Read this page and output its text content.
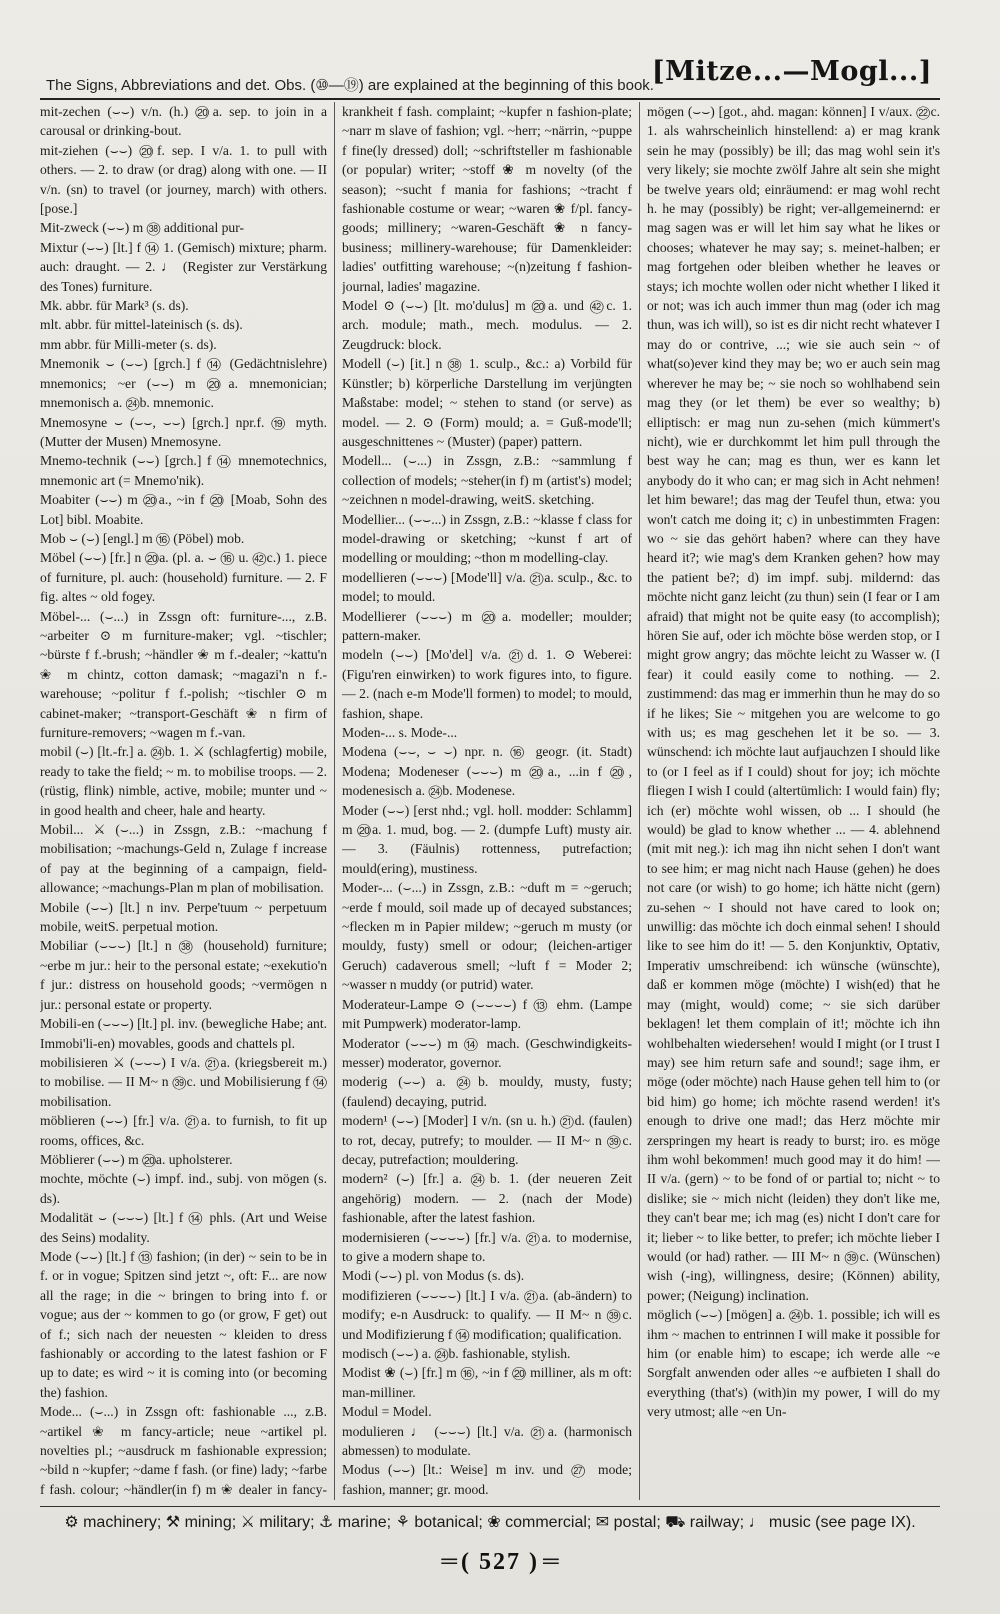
The Signs, Abbreviations and det. Obs. (⑩—⑲) are explained at the beginning of this book.
[Mitze...—Mogl...]

mit-zechen (⌣⌣) v/n. (h.) ⑳a. sep. to join in a carousal or drinking-bout.

mit-ziehen (⌣⌣) ⑳f. sep. I v/a. 1. to pull with others. — 2. to draw (or drag) along with one. — II v/n. (sn) to travel (or journey, march) with others. [pose.]

Mit-zweck (⌣⌣) m ㊳ additional pur-

Mixtur (⌣⌣) [lt.] f ⑭ 1. (Gemisch) mixture; pharm. auch: draught. — 2. ♩ (Register zur Verstärkung des Tones) furniture.

Mk. abbr. für Mark³ (s. ds).

mlt. abbr. für mittel-lateinisch (s. ds).

mm abbr. für Milli-meter (s. ds).

Mnemonik ⌣ (⌣⌣) [grch.] f ⑭ (Gedächtnislehre) mnemonics; ~er (⌣⌣) m ⑳a. mnemonician; mnemonisch a. ㉔b. mnemonic.

Mnemosyne ⌣ (⌣⌣, ⌣⌣) [grch.] npr.f. ⑲ myth. (Mutter der Musen) Mnemosyne.

Mnemo-technik (⌣⌣) [grch.] f ⑭ mnemotechnics, mnemonic art (= Mnemo'nik).

Moabiter (⌣⌣) m ⑳a., ~in f ⑳ [Moab, Sohn des Lot] bibl. Moabite.

Mob ⌣ (⌣) [engl.] m ⑯ (Pöbel) mob.

Möbel (⌣⌣) [fr.] n ⑳a. (pl. a. ⌣ ⑯ u. ㊷c.) 1. piece of furniture, pl. auch: (household) furniture. — 2. F fig. altes ~ old fogey.

Möbel-... (⌣...) in Zssgn oft: furniture-..., z.B. ~arbeiter ⊙ m furniture-maker; vgl. ~tischler; ~bürste f f.-brush; ~händler ❀ m f.-dealer; ~kattu'n ❀ m chintz, cotton damask; ~magazi'n n f.-warehouse; ~politur f f.-polish; ~tischler ⊙ m cabinet-maker; ~transport-Geschäft ❀ n firm of furniture-removers; ~wagen m f.-van.

mobil (⌣) [lt.-fr.] a. ㉔b. 1. ⚔ (schlagfertig) mobile, ready to take the field; ~ m. to mobilise troops. — 2. (rüstig, flink) nimble, active, mobile; munter und ~ in good health and cheer, hale and hearty.

Mobil... ⚔ (⌣...) in Zssgn, z.B.: ~machung f mobilisation; ~machungs-Geld n, Zulage f increase of pay at the beginning of a campaign, field-allowance; ~machungs-Plan m plan of mobilisation.

Mobile (⌣⌣) [lt.] n inv. Perpe'tuum ~ perpetuum mobile, weitS. perpetual motion.

Mobiliar (⌣⌣⌣) [lt.] n ㊳ (household) furniture; ~erbe m jur.: heir to the personal estate; ~exekutio'n f jur.: distress on household goods; ~vermögen n jur.: personal estate or property.

Mobili-en (⌣⌣⌣) [lt.] pl. inv. (bewegliche Habe; ant. Immobi'li-en) movables, goods and chattels pl.

mobilisieren ⚔ (⌣⌣⌣) I v/a. ㉑a. (kriegsbereit m.) to mobilise. — II M~ n ㊴c. und Mobilisierung f ⑭ mobilisation.

möblieren (⌣⌣) [fr.] v/a. ㉑a. to furnish, to fit up rooms, offices, &c.

Möblierer (⌣⌣) m ⑳a. upholsterer.

mochte, möchte (⌣) impf. ind., subj. von mögen (s. ds).

Modalität ⌣ (⌣⌣⌣) [lt.] f ⑭ phls. (Art und Weise des Seins) modality.

Mode (⌣⌣) [lt.] f ⑬ fashion; (in der) ~ sein to be in f. or in vogue; Spitzen sind jetzt ~, oft: F... are now all the rage; in die ~ bringen to bring into f. or vogue; aus der ~ kommen to go (or grow, F get) out of f.; sich nach der neuesten ~ kleiden to dress fashionably or according to the latest fashion or F up to date; es wird ~ it is coming into (or becoming the) fashion.

Mode... (⌣...) in Zssgn oft: fashionable ..., z.B. ~artikel ❀ m fancy-article; neue ~artikel pl. novelties pl.; ~ausdruck m fashionable expression; ~bild n ~kupfer; ~dame f fash. (or fine) lady; ~farbe f fash. colour; ~händler(in f) m ❀ dealer in fancy-

krankheit f fash. complaint; ~kupfer n fashion-plate; ~narr m slave of fashion; vgl. ~herr; ~närrin, ~puppe f fine(ly dressed) doll; ~schriftsteller m fashionable (or popular) writer; ~stoff ❀ m novelty (of the season); ~sucht f mania for fashions; ~tracht f fashionable costume or wear; ~waren ❀ f/pl. fancy-goods; millinery; ~waren-Geschäft ❀ n fancy-business; millinery-warehouse; für Damenkleider: ladies' outfitting warehouse; ~(n)zeitung f fashion-journal, ladies' magazine.

Model ⊙ (⌣⌣) [lt. mo'dulus] m ⑳a. und ㊷c. 1. arch. module; math., mech. modulus. — 2. Zeugdruck: block.

Modell (⌣) [it.] n ㊳ 1. sculp., &c.: a) Vorbild für Künstler; b) körperliche Darstellung im verjüngten Maßstabe: model; ~ stehen to stand (or serve) as model. — 2. ⊙ (Form) mould; a. = Guß-mode'll; ausgeschnittenes ~ (Muster) (paper) pattern.

Modell... (⌣...) in Zssgn, z.B.: ~sammlung f collection of models; ~steher(in f) m (artist's) model; ~zeichnen n model-drawing, weitS. sketching.

Modellier... (⌣⌣...) in Zssgn, z.B.: ~klasse f class for model-drawing or sketching; ~kunst f art of modelling or moulding; ~thon m modelling-clay.

modellieren (⌣⌣⌣) [Mode'll] v/a. ㉑a. sculp., &c. to model; to mould.

Modellierer (⌣⌣⌣) m ⑳a. modeller; moulder; pattern-maker.

modeln (⌣⌣) [Mo'del] v/a. ㉑d. 1. ⊙ Weberei: (Figu'ren einwirken) to work figures into, to figure. — 2. (nach e-m Mode'll formen) to model; to mould, fashion, shape.

Moden-... s. Mode-...

Modena (⌣⌣, ⌣ ⌣) npr. n. ⑯ geogr. (it. Stadt) Modena; Modeneser (⌣⌣⌣) m ⑳a., ...in f ⑳, modenesisch a. ㉔b. Modenese.

Moder (⌣⌣) [erst nhd.; vgl. holl. modder: Schlamm] m ⑳a. 1. mud, bog. — 2. (dumpfe Luft) musty air. — 3. (Fäulnis) rottenness, putrefaction; mould(ering), mustiness.

Moder-... (⌣...) in Zssgn, z.B.: ~duft m = ~geruch; ~erde f mould, soil made up of decayed substances; ~flecken m in Papier mildew; ~geruch m musty (or mouldy, fusty) smell or odour; (leichen-artiger Geruch) cadaverous smell; ~luft f = Moder 2; ~wasser n muddy (or putrid) water.

Moderateur-Lampe ⊙ (⌣⌣⌣⌣) f ⑬ ehm. (Lampe mit Pumpwerk) moderator-lamp.

Moderator (⌣⌣⌣) m ⑭ mach. (Geschwindigkeits-messer) moderator, governor.

moderig (⌣⌣) a. ㉔b. mouldy, musty, fusty; (faulend) decaying, putrid.

modern¹ (⌣⌣) [Moder] I v/n. (sn u. h.) ㉑d. (faulen) to rot, decay, putrefy; to moulder. — II M~ n ㊴c. decay, putrefaction; mouldering.

modern² (⌣) [fr.] a. ㉔b. 1. (der neueren Zeit angehörig) modern. — 2. (nach der Mode) fashionable, after the latest fashion.

modernisieren (⌣⌣⌣⌣) [fr.] v/a. ㉑a. to modernise, to give a modern shape to.

Modi (⌣⌣) pl. von Modus (s. ds).

modifizieren (⌣⌣⌣⌣) [lt.] I v/a. ㉑a. (ab-ändern) to modify; e-n Ausdruck: to qualify. — II M~ n ㊴c. und Modifizierung f ⑭ modification; qualification.

modisch (⌣⌣) a. ㉔b. fashionable, stylish.

Modist ❀ (⌣) [fr.] m ⑯, ~in f ⑳ milliner, als m oft: man-milliner.

Modul = Model.

modulieren ♩ (⌣⌣⌣) [lt.] v/a. ㉑a. (harmonisch abmessen) to modulate.

Modus (⌣⌣) [lt.: Weise] m inv. und ㉗ mode; fashion, manner; gr. mood.

mögen (⌣⌣) [got., ahd. magan: können] I v/aux. ㉒c. 1. als wahrscheinlich hinstellend: a) er mag krank sein he may (possibly) be ill; das mag wohl sein it's very likely; sie mochte zwölf Jahre alt sein she might be twelve years old; einräumend: er mag wohl recht h. he may (possibly) be right; ver-allgemeinernd: er mag sagen was er will let him say what he likes or chooses; whatever he may say; s. meinet-halben; er mag fortgehen oder bleiben whether he leaves or stays; ich mochte wollen oder nicht whether I liked it or not; was ich auch immer thun mag (oder ich mag thun, was ich will), so ist es dir nicht recht whatever I may do or contrive, ...; wie sie auch sein ~ of what(so)ever kind they may be; wo er auch sein mag wherever he may be; ~ sie noch so wohlhabend sein mag they (or let them) be ever so wealthy; b) elliptisch: er mag nun zu-sehen (mich kümmert's nicht), wie er durchkommt let him pull through the best way he can; mag es thun, wer es kann let anybody do it who can; er mag sich in Acht nehmen! let him beware!; das mag der Teufel thun, etwa: you won't catch me doing it; c) in unbestimmten Fragen: wo ~ sie das gehört haben? where can they have heard it?; wie mag's dem Kranken gehen? how may the patient be?; d) im impf. subj. mildernd: das möchte nicht ganz leicht (zu thun) sein (I fear or I am afraid) that might not be quite easy (to accomplish); hören Sie auf, oder ich möchte böse werden stop, or I might grow angry; das möchte leicht zu Wasser w. (I fear) it could easily come to nothing. — 2. zustimmend: das mag er immerhin thun he may do so if he likes; Sie ~ mitgehen you are welcome to go with us; es mag geschehen let it be so. — 3. wünschend: ich möchte laut aufjauchzen I should like to (or I feel as if I could) shout for joy; ich möchte fliegen I wish I could (altertümlich: I would fain) fly; ich (er) möchte wohl wissen, ob ... I should (he would) be glad to know whether ... — 4. ablehnend (mit mit neg.): ich mag ihn nicht sehen I don't want to see him; er mag nicht nach Hause (gehen) he does not care (or wish) to go home; ich hätte nicht (gern) zu-sehen ~ I should not have cared to look on; unwillig: das möchte ich doch einmal sehen! I should like to see him do it! — 5. den Konjunktiv, Optativ, Imperativ umschreibend: ich wünsche (wünschte), daß er kommen möge (möchte) I wish(ed) that he may (might, would) come; ~ sie sich darüber beklagen! let them complain of it!; möchte ich ihn wohlbehalten wiedersehen! would I might (or I trust I may) see him return safe and sound!; sage ihm, er möge (oder möchte) nach Hause gehen tell him to (or bid him) go home; ich möchte rasend werden! it's enough to drive one mad!; das Herz möchte mir zerspringen my heart is ready to burst; iro. es möge ihm wohl bekommen! much good may it do him! — II v/a. (gern) ~ to be fond of or partial to; nicht ~ to dislike; sie ~ mich nicht (leiden) they don't like me, they can't bear me; ich mag (es) nicht I don't care for it; lieber ~ to like better, to prefer; ich möchte lieber I would (or had) rather. — III M~ n ㊴c. (Wünschen) wish (-ing), willingness, desire; (Können) ability, power; (Neigung) inclination.

möglich (⌣⌣) [mögen] a. ㉔b. 1. possible; ich will es ihm ~ machen to entrinnen I will make it possible for him (or enable him) to escape; ich werde alle ~e Sorgfalt anwenden oder alles ~e aufbieten I shall do everything (that's) (with)in my power, I will do my very utmost; alle ~en Un-

⚙ machinery; ⚒ mining; ⚔ military; ⚓ marine; ⚘ botanical; ❀ commercial; ✉ postal; ⛟ railway; ♩ music (see page IX).
═ ( 527 ) ═
